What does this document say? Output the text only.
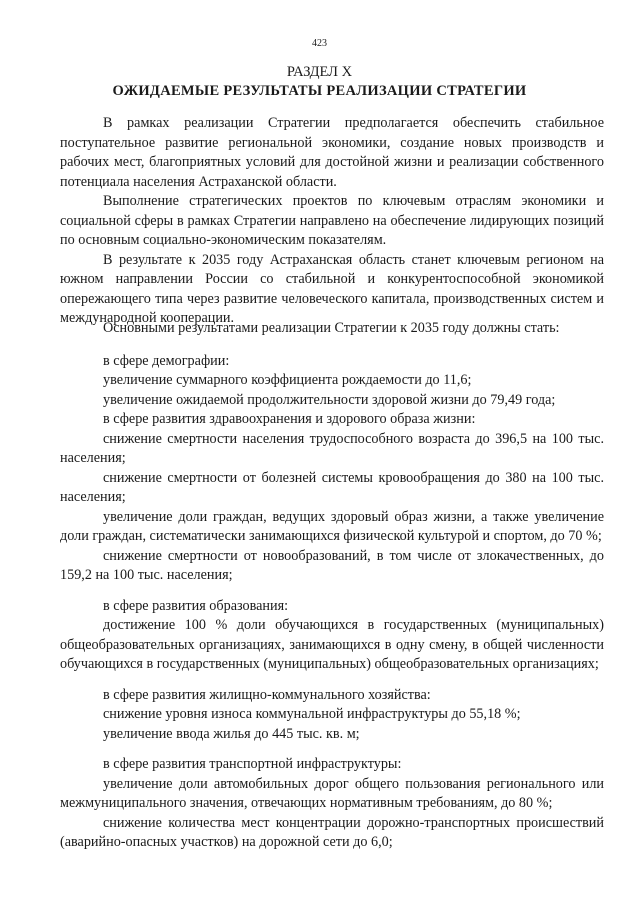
423
РАЗДЕЛ X
ОЖИДАЕМЫЕ РЕЗУЛЬТАТЫ РЕАЛИЗАЦИИ СТРАТЕГИИ

В рамках реализации Стратегии предполагается обеспечить стабильное поступательное развитие региональной экономики, создание новых производств и рабочих мест, благоприятных условий для достойной жизни и реализации собственного потенциала населения Астраханской области.

Выполнение стратегических проектов по ключевым отраслям экономики и социальной сферы в рамках Стратегии направлено на обеспечение лидирующих позиций по основным социально-экономическим показателям.

В результате к 2035 году Астраханская область станет ключевым регионом на южном направлении России со стабильной и конкурентоспособной экономикой опережающего типа через развитие человеческого капитала, производственных систем и международной кооперации.

Основными результатами реализации Стратегии к 2035 году должны стать:

в сфере демографии:

увеличение суммарного коэффициента рождаемости до 11,6;

увеличение ожидаемой продолжительности здоровой жизни до 79,49 года;

в сфере развития здравоохранения и здорового образа жизни:

снижение смертности населения трудоспособного возраста до 396,5 на 100 тыс. населения;

снижение смертности от болезней системы кровообращения до 380 на 100 тыс. населения;

увеличение доли граждан, ведущих здоровый образ жизни, а также увеличение доли граждан, систематически занимающихся физической культурой и спортом, до 70 %;

снижение смертности от новообразований, в том числе от злокачественных, до 159,2 на 100 тыс. населения;

в сфере развития образования:

достижение 100 % доли обучающихся в государственных (муниципальных) общеобразовательных организациях, занимающихся в одну смену, в общей численности обучающихся в государственных (муниципальных) общеобразовательных организациях;

в сфере развития жилищно-коммунального хозяйства:

снижение уровня износа коммунальной инфраструктуры до 55,18 %;

увеличение ввода жилья до 445 тыс. кв. м;

в сфере развития транспортной инфраструктуры:

увеличение доли автомобильных дорог общего пользования регионального или межмуниципального значения, отвечающих нормативным требованиям, до 80 %;

снижение количества мест концентрации дорожно-транспортных происшествий (аварийно-опасных участков) на дорожной сети до 6,0;
